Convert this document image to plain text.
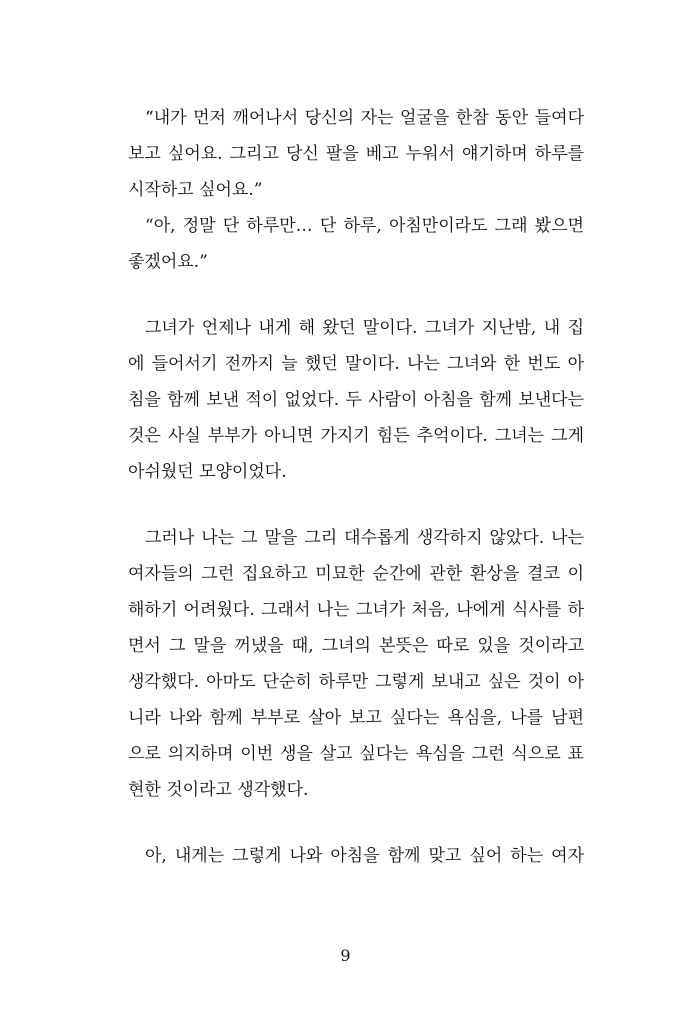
“내가 먼저 깨어나서 당신의 자는 얼굴을 한참 동안 들여다
보고 싶어요. 그리고 당신 팔을 베고 누워서 얘기하며 하루를
시작하고 싶어요.”
“아, 정말 단 하루만… 단 하루, 아침만이라도 그래 봤으면
좋겠어요.”
그녀가 언제나 내게 해 왔던 말이다. 그녀가 지난밤, 내 집
에 들어서기 전까지 늘 했던 말이다. 나는 그녀와 한 번도 아
침을 함께 보낸 적이 없었다. 두 사람이 아침을 함께 보낸다는
것은 사실 부부가 아니면 가지기 힘든 추억이다. 그녀는 그게
아쉬웠던 모양이었다.
그러나 나는 그 말을 그리 대수롭게 생각하지 않았다. 나는
여자들의 그런 집요하고 미묘한 순간에 관한 환상을 결코 이
해하기 어려웠다. 그래서 나는 그녀가 처음, 나에게 식사를 하
면서 그 말을 꺼냈을 때, 그녀의 본뜻은 따로 있을 것이라고
생각했다. 아마도 단순히 하루만 그렇게 보내고 싶은 것이 아
니라 나와 함께 부부로 살아 보고 싶다는 욕심을, 나를 남편
으로 의지하며 이번 생을 살고 싶다는 욕심을 그런 식으로 표
현한 것이라고 생각했다.
아, 내게는 그렇게 나와 아침을 함께 맞고 싶어 하는 여자
9
